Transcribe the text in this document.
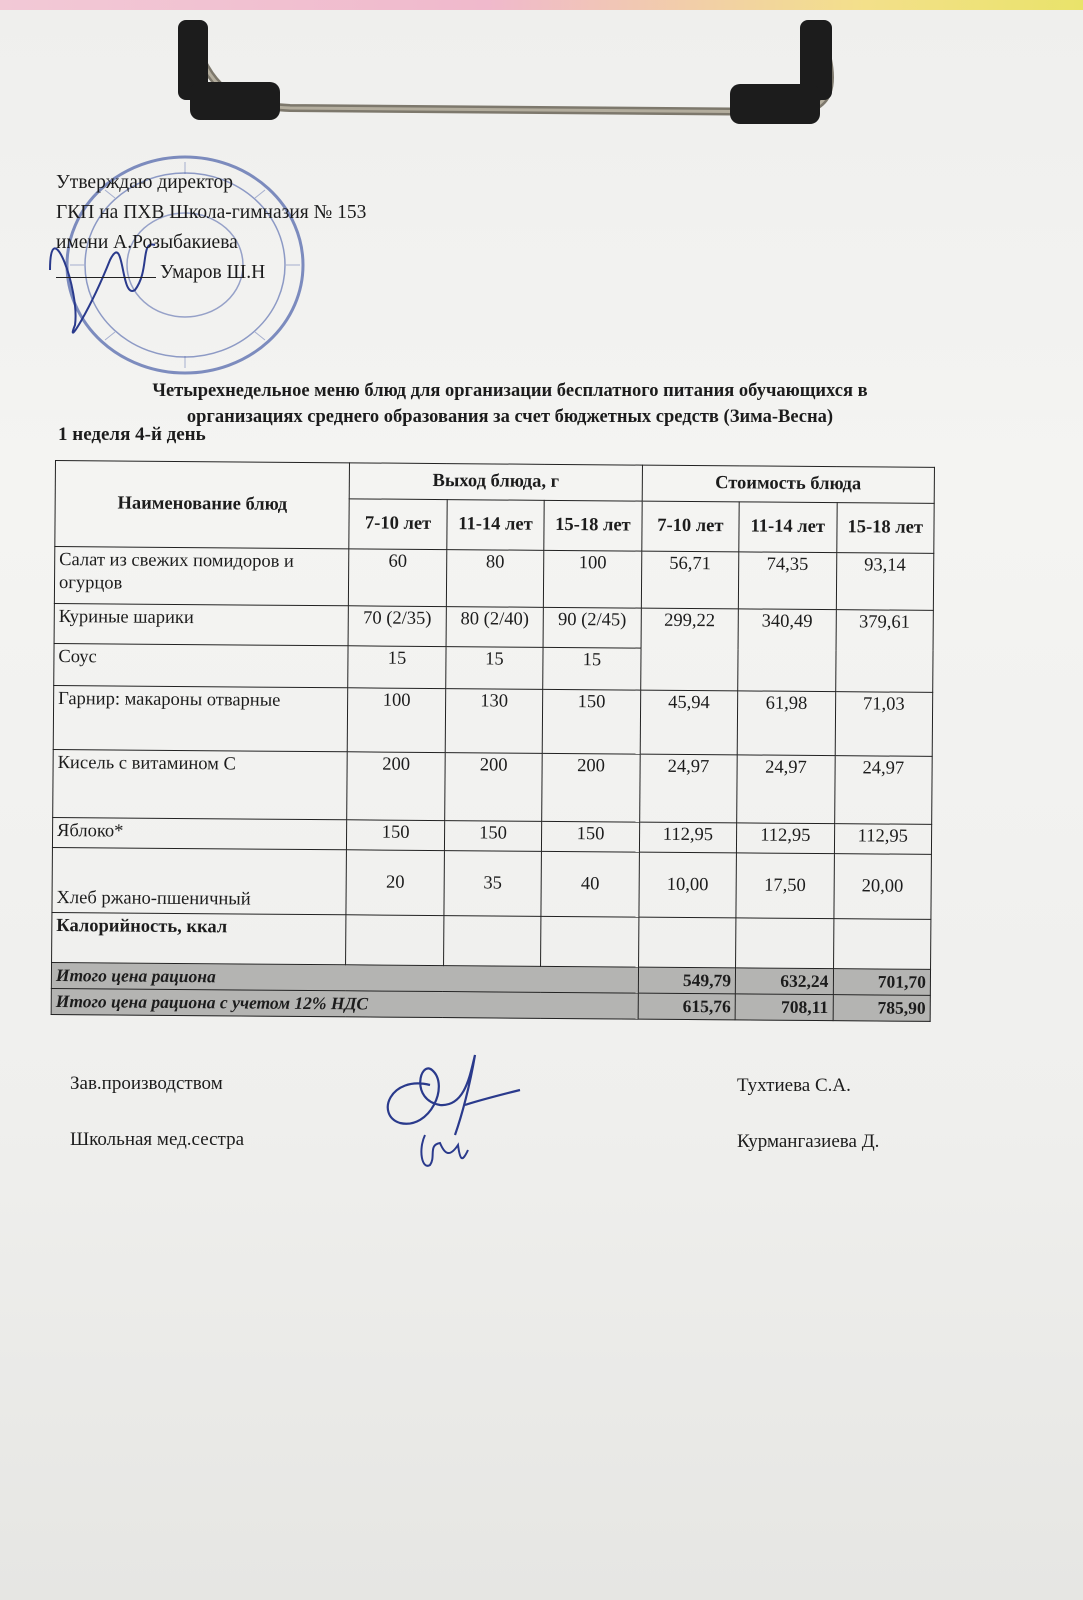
Утверждаю директор
ГКП на ПХВ Школа-гимназия № 153
имени А.Розыбакиева
Умаров Ш.Н
Четырехнедельное меню блюд для организации бесплатного питания обучающихся в
организациях среднего образования за счет бюджетных средств (Зима-Весна)
1 неделя 4-й день
Наименование блюд	Выход блюда, г			Стоимость блюда		
	7-10 лет	11-14 лет	15-18 лет	7-10 лет	11-14 лет	15-18 лет
Салат из свежих помидоров и огурцов	60	80	100	56,71	74,35	93,14
Куриные шарики	70 (2/35)	80 (2/40)	90 (2/45)	299,22	340,49	379,61
Соус	15	15	15			
Гарнир: макароны отварные	100	130	150	45,94	61,98	71,03
Кисель с витамином С	200	200	200	24,97	24,97	24,97
Яблоко*	150	150	150	112,95	112,95	112,95
Хлеб ржано-пшеничный	20	35	40	10,00	17,50	20,00
Калорийность, ккал						
Итого цена рациона				549,79	632,24	701,70
Итого цена рациона с учетом 12% НДС				615,76	708,11	785,90
Зав.производством	Тухтиева С.А.
Школьная мед.сестра	Курмангазиева Д.
